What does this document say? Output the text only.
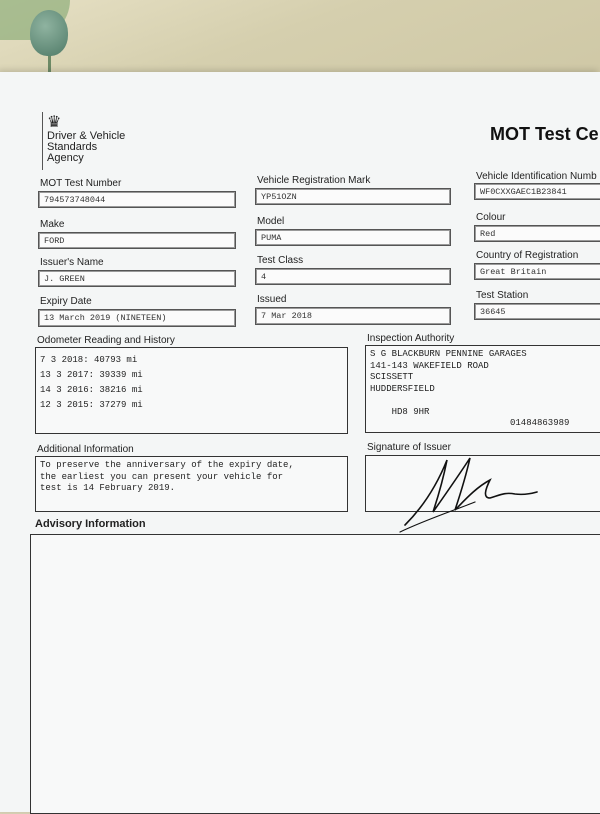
♛
Driver & Vehicle
Standards
Agency
MOT Test Ce
MOT Test Number
794573748044
Vehicle Registration Mark
YP51OZN
Vehicle Identification Numb
WF0CXXGAEC1B23841
Make
FORD
Model
PUMA
Colour
Red
Issuer's Name
J. GREEN
Test Class
4
Country of Registration
Great Britain
Expiry Date
13 March 2019 (NINETEEN)
Issued
7 Mar 2018
Test Station
36645
Odometer Reading and History
7 3 2018: 40793 mi
13 3 2017: 39339 mi
14 3 2016: 38216 mi
12 3 2015: 37279 mi
Inspection Authority
S G BLACKBURN PENNINE GARAGES
141-143 WAKEFIELD ROAD
SCISSETT
HUDDERSFIELD

HD8 9HR

01484863989

Additional Information
To preserve the anniversary of the expiry date,
the earliest you can present your vehicle for
test is 14 February 2019.
Signature of Issuer
Advisory Information
